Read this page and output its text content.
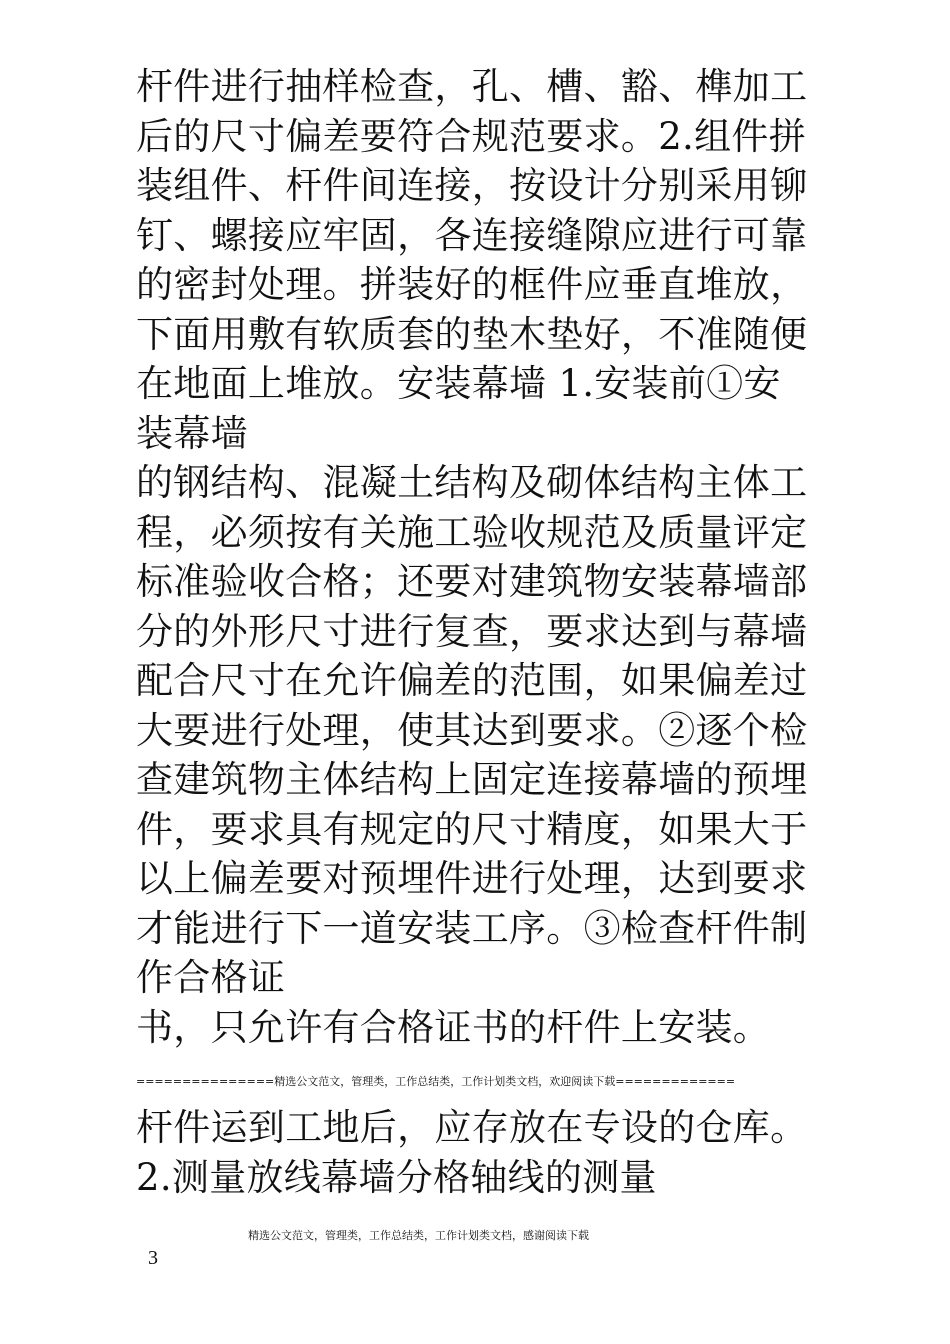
杆件进行抽样检查，孔、槽、豁、榫加工
后的尺寸偏差要符合规范要求。2.组件拼
装组件、杆件间连接，按设计分别采用铆
钉、螺接应牢固，各连接缝隙应进行可靠
的密封处理。拼装好的框件应垂直堆放，
下面用敷有软质套的垫木垫好，不准随便
在地面上堆放。安装幕墙 1.安装前①安
装幕墙
的钢结构、混凝土结构及砌体结构主体工
程，必须按有关施工验收规范及质量评定
标准验收合格；还要对建筑物安装幕墙部
分的外形尺寸进行复查，要求达到与幕墙
配合尺寸在允许偏差的范围，如果偏差过
大要进行处理，使其达到要求。②逐个检
查建筑物主体结构上固定连接幕墙的预埋
件，要求具有规定的尺寸精度，如果大于
以上偏差要对预埋件进行处理，达到要求
才能进行下一道安装工序。③检查杆件制
作合格证
书，只允许有合格证书的杆件上安装。
===============精选公文范文，管理类，工作总结类，工作计划类文档，欢迎阅读下载=============
杆件运到工地后，应存放在专设的仓库。
2.测量放线幕墙分格轴线的测量
精选公文范文，管理类，工作总结类，工作计划类文档，感谢阅读下载
3
